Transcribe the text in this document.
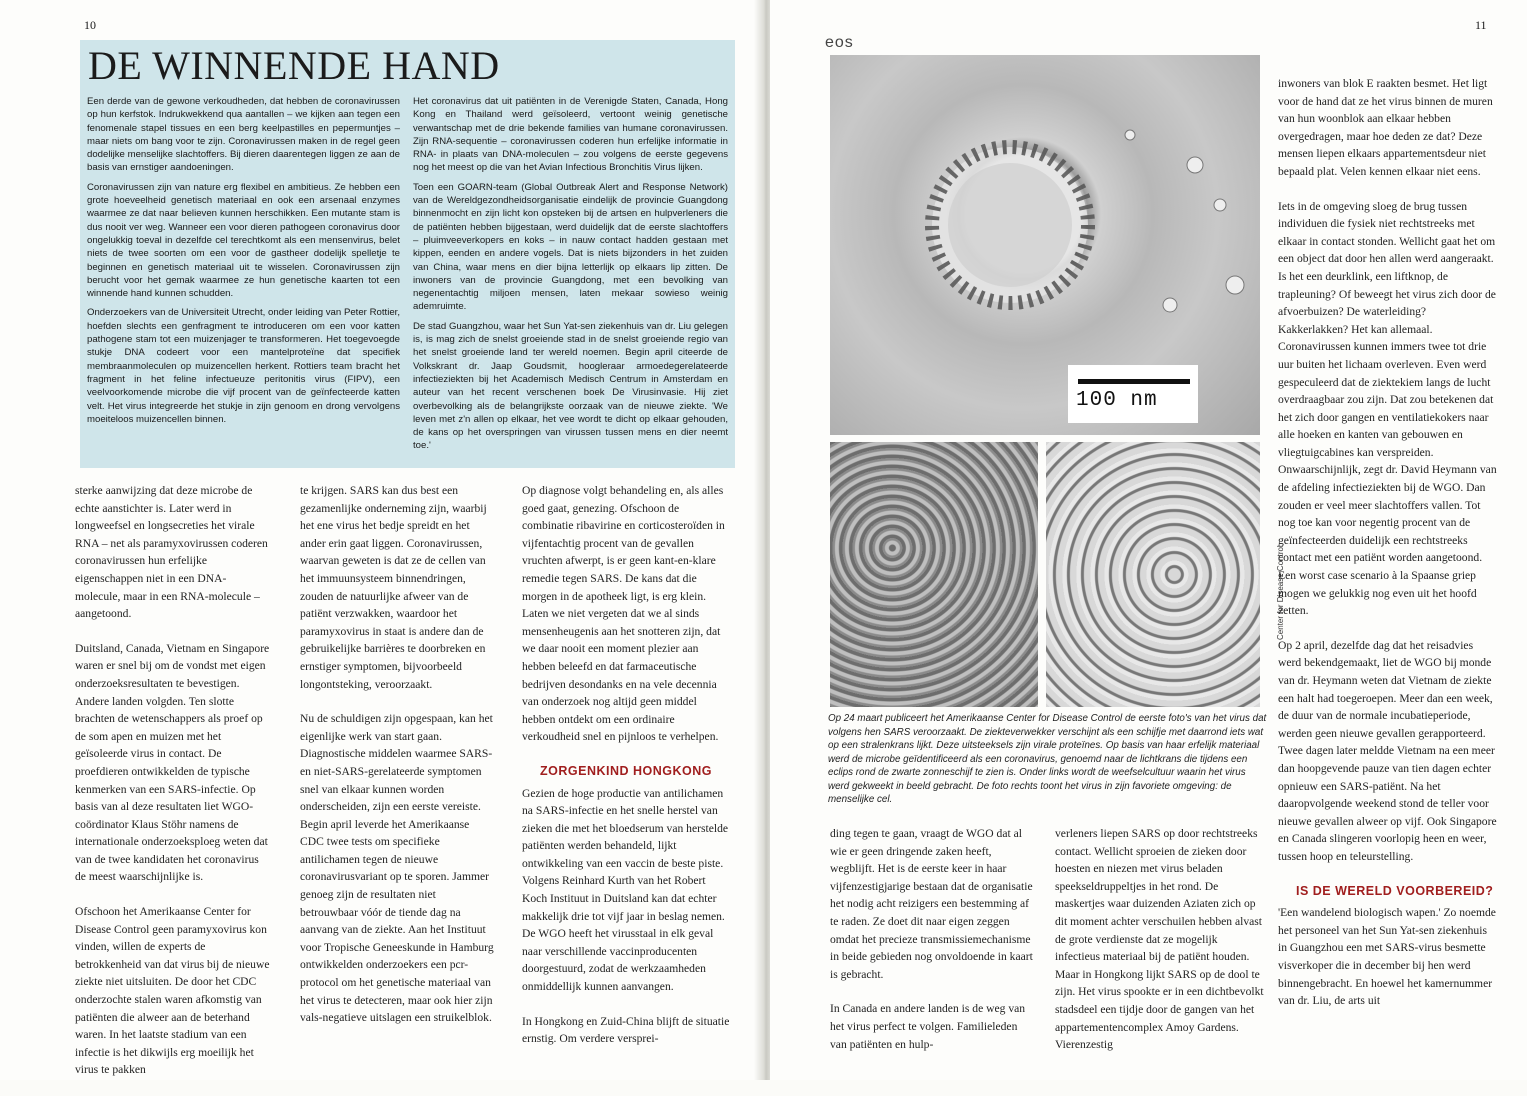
10
DE WINNENDE HAND

Een derde van de gewone verkoudheden, dat hebben de coronavirussen op hun kerfstok. Indrukwekkend qua aantallen – we kijken aan tegen een fenomenale stapel tissues en een berg keelpastilles en pepermuntjes – maar niets om bang voor te zijn. Coronavirussen maken in de regel geen dodelijke menselijke slachtoffers. Bij dieren daarentegen liggen ze aan de basis van ernstiger aandoeningen.

Coronavirussen zijn van nature erg flexibel en ambitieus. Ze hebben een grote hoeveelheid genetisch materiaal en ook een arsenaal enzymes waarmee ze dat naar believen kunnen herschikken. Een mutante stam is dus nooit ver weg. Wanneer een voor dieren pathogeen coronavirus door ongelukkig toeval in dezelfde cel terechtkomt als een mensenvirus, belet niets de twee soorten om een voor de gastheer dodelijk spelletje te beginnen en genetisch materiaal uit te wisselen. Coronavirussen zijn berucht voor het gemak waarmee ze hun genetische kaarten tot een winnende hand kunnen schudden.

Onderzoekers van de Universiteit Utrecht, onder leiding van Peter Rottier, hoefden slechts een genfragment te introduceren om een voor katten pathogene stam tot een muizenjager te transformeren. Het toegevoegde stukje DNA codeert voor een mantelproteïne dat specifiek membraanmoleculen op muizencellen herkent. Rottiers team bracht het fragment in het feline infectueuze peritonitis virus (FIPV), een veelvoorkomende microbe die vijf procent van de geïnfecteerde katten velt. Het virus integreerde het stukje in zijn genoom en drong vervolgens moeiteloos muizencellen binnen.

Het coronavirus dat uit patiënten in de Verenigde Staten, Canada, Hong Kong en Thailand werd geïsoleerd, vertoont weinig genetische verwantschap met de drie bekende families van humane coronavirussen. Zijn RNA-sequentie – coronavirussen coderen hun erfelijke informatie in RNA- in plaats van DNA-moleculen – zou volgens de eerste gegevens nog het meest op die van het Avian Infectious Bronchitis Virus lijken.

Toen een GOARN-team (Global Outbreak Alert and Response Network) van de Wereldgezondheidsorganisatie eindelijk de provincie Guangdong binnenmocht en zijn licht kon opsteken bij de artsen en hulpverleners die de patiënten hebben bijgestaan, werd duidelijk dat de eerste slachtoffers – pluimveeverkopers en koks – in nauw contact hadden gestaan met kippen, eenden en andere vogels. Dat is niets bijzonders in het zuiden van China, waar mens en dier bijna letterlijk op elkaars lip zitten. De inwoners van de provincie Guangdong, met een bevolking van negenentachtig miljoen mensen, laten mekaar sowieso weinig ademruimte.

De stad Guangzhou, waar het Sun Yat-sen ziekenhuis van dr. Liu gelegen is, is mag zich de snelst groeiende stad in de snelst groeiende regio van het snelst groeiende land ter wereld noemen. Begin april citeerde de Volkskrant dr. Jaap Goudsmit, hoogleraar armoedegerelateerde infectieziekten bij het Academisch Medisch Centrum in Amsterdam en auteur van het recent verschenen boek De Virusinvasie. Hij ziet overbevolking als de belangrijkste oorzaak van de nieuwe ziekte. 'We leven met z'n allen op elkaar, het vee wordt te dicht op elkaar gehouden, de kans op het overspringen van virussen tussen mens en dier neemt toe.'

sterke aanwijzing dat deze microbe de echte aanstichter is. Later werd in longweefsel en longsecreties het virale RNA – net als paramyxovirussen coderen coronavirussen hun erfelijke eigenschappen niet in een DNA-molecule, maar in een RNA-molecule – aangetoond.

Duitsland, Canada, Vietnam en Singapore waren er snel bij om de vondst met eigen onderzoeksresultaten te bevestigen. Andere landen volgden. Ten slotte brachten de wetenschappers als proef op de som apen en muizen met het geïsoleerde virus in contact. De proefdieren ontwikkelden de typische kenmerken van een SARS-infectie. Op basis van al deze resultaten liet WGO-coördinator Klaus Stöhr namens de internationale onderzoeksploeg weten dat van de twee kandidaten het coronavirus de meest waarschijnlijke is.

Ofschoon het Amerikaanse Center for Disease Control geen paramyxovirus kon vinden, willen de experts de betrokkenheid van dat virus bij de nieuwe ziekte niet uitsluiten. De door het CDC onderzochte stalen waren afkomstig van patiënten die alweer aan de beterhand waren. In het laatste stadium van een infectie is het dikwijls erg moeilijk het virus te pakken

te krijgen. SARS kan dus best een gezamenlijke onderneming zijn, waarbij het ene virus het bedje spreidt en het ander erin gaat liggen. Coronavirussen, waarvan geweten is dat ze de cellen van het immuunsysteem binnendringen, zouden de natuurlijke afweer van de patiënt verzwakken, waardoor het paramyxovirus in staat is andere dan de gebruikelijke barrières te doorbreken en ernstiger symptomen, bijvoorbeeld longontsteking, veroorzaakt.

Nu de schuldigen zijn opgespaan, kan het eigenlijke werk van start gaan. Diagnostische middelen waarmee SARS- en niet-SARS-gerelateerde symptomen snel van elkaar kunnen worden onderscheiden, zijn een eerste vereiste. Begin april leverde het Amerikaanse CDC twee tests om specifieke antilichamen tegen de nieuwe coronavirusvariant op te sporen. Jammer genoeg zijn de resultaten niet betrouwbaar vóór de tiende dag na aanvang van de ziekte. Aan het Instituut voor Tropische Geneeskunde in Hamburg ontwikkelden onderzoekers een pcr-protocol om het genetische materiaal van het virus te detecteren, maar ook hier zijn vals-negatieve uitslagen een struikelblok.

Op diagnose volgt behandeling en, als alles goed gaat, genezing. Ofschoon de combinatie ribavirine en corticosteroïden in vijfentachtig procent van de gevallen vruchten afwerpt, is er geen kant-en-klare remedie tegen SARS. De kans dat die morgen in de apotheek ligt, is erg klein. Laten we niet vergeten dat we al sinds mensenheugenis aan het snotteren zijn, dat we daar nooit een moment plezier aan hebben beleefd en dat farmaceutische bedrijven desondanks en na vele decennia van onderzoek nog altijd geen middel hebben ontdekt om een ordinaire verkoudheid snel en pijnloos te verhelpen.

ZORGENKIND HONGKONG

Gezien de hoge productie van antilichamen na SARS-infectie en het snelle herstel van zieken die met het bloedserum van herstelde patiënten werden behandeld, lijkt ontwikkeling van een vaccin de beste piste. Volgens Reinhard Kurth van het Robert Koch Instituut in Duitsland kan dat echter makkelijk drie tot vijf jaar in beslag nemen. De WGO heeft het virusstaal in elk geval naar verschillende vaccinproducenten doorgestuurd, zodat de werkzaamheden onmiddellijk kunnen aanvangen.

In Hongkong en Zuid-China blijft de situatie ernstig. Om verdere versprei-

eos
11
100 nm
Center for Disease Control

Op 24 maart publiceert het Amerikaanse Center for Disease Control de eerste foto's van het virus dat volgens hen SARS veroorzaakt. De ziekteverwekker verschijnt als een schijfje met daarrond iets wat op een stralenkrans lijkt. Deze uitsteeksels zijn virale proteïnes. Op basis van haar erfelijk materiaal werd de microbe geïdentificeerd als een coronavirus, genoemd naar de lichtkrans die tijdens een eclips rond de zwarte zonneschijf te zien is. Onder links wordt de weefselcultuur waarin het virus werd gekweekt in beeld gebracht. De foto rechts toont het virus in zijn favoriete omgeving: de menselijke cel.

inwoners van blok E raakten besmet. Het ligt voor de hand dat ze het virus binnen de muren van hun woonblok aan elkaar hebben overgedragen, maar hoe deden ze dat? Deze mensen liepen elkaars appartementsdeur niet bepaald plat. Velen kennen elkaar niet eens.

Iets in de omgeving sloeg de brug tussen individuen die fysiek niet rechtstreeks met elkaar in contact stonden. Wellicht gaat het om een object dat door hen allen werd aangeraakt. Is het een deurklink, een liftknop, de trapleuning? Of beweegt het virus zich door de afvoerbuizen? De waterleiding? Kakkerlakken? Het kan allemaal. Coronavirussen kunnen immers twee tot drie uur buiten het lichaam overleven. Even werd gespeculeerd dat de ziektekiem langs de lucht overdraagbaar zou zijn. Dat zou betekenen dat het zich door gangen en ventilatiekokers naar alle hoeken en kanten van gebouwen en vliegtuigcabines kan verspreiden. Onwaarschijnlijk, zegt dr. David Heymann van de afdeling infectieziekten bij de WGO. Dan zouden er veel meer slachtoffers vallen. Tot nog toe kan voor negentig procent van de geïnfecteerden duidelijk een rechtstreeks contact met een patiënt worden aangetoond. Een worst case scenario à la Spaanse griep mogen we gelukkig nog even uit het hoofd zetten.

Op 2 april, dezelfde dag dat het reisadvies werd bekendgemaakt, liet de WGO bij monde van dr. Heymann weten dat Vietnam de ziekte een halt had toegeroepen. Meer dan een week, de duur van de normale incubatieperiode, werden geen nieuwe gevallen gerapporteerd. Twee dagen later meldde Vietnam na een meer dan hoopgevende pauze van tien dagen echter opnieuw een SARS-patiënt. Na het daaropvolgende weekend stond de teller voor nieuwe gevallen alweer op vijf. Ook Singapore en Canada slingeren voorlopig heen en weer, tussen hoop en teleurstelling.

IS DE WERELD VOORBEREID?

'Een wandelend biologisch wapen.' Zo noemde het personeel van het Sun Yat-sen ziekenhuis in Guangzhou een met SARS-virus besmette visverkoper die in december bij hen werd binnengebracht. En hoewel het kamernummer van dr. Liu, de arts uit

ding tegen te gaan, vraagt de WGO dat al wie er geen dringende zaken heeft, wegblijft. Het is de eerste keer in haar vijfenzestigjarige bestaan dat de organisatie het nodig acht reizigers een bestemming af te raden. Ze doet dit naar eigen zeggen omdat het precieze transmissiemechanisme in beide gebieden nog onvoldoende in kaart is gebracht.

In Canada en andere landen is de weg van het virus perfect te volgen. Familieleden van patiënten en hulp-

verleners liepen SARS op door rechtstreeks contact. Wellicht sproeien de zieken door hoesten en niezen met virus beladen speekseldruppeltjes in het rond. De maskertjes waar duizenden Aziaten zich op dit moment achter verschuilen hebben alvast de grote verdienste dat ze mogelijk infectieus materiaal bij de patiënt houden. Maar in Hongkong lijkt SARS op de dool te zijn. Het virus spookte er in een dichtbevolkt stadsdeel een tijdje door de gangen van het appartementencomplex Amoy Gardens. Vierenzestig
